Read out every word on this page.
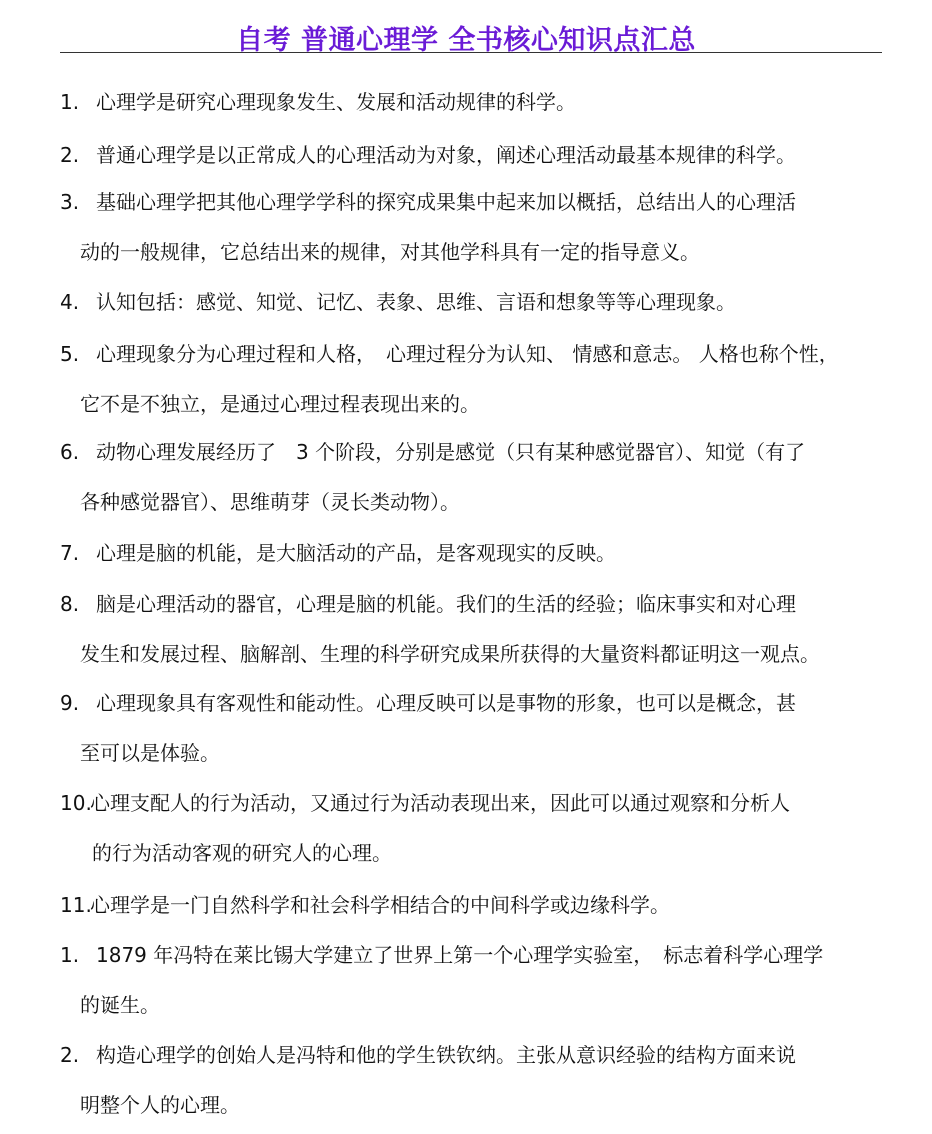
自考 普通心理学 全书核心知识点汇总
1. 心理学是研究心理现象发生、发展和活动规律的科学。
2. 普通心理学是以正常成人的心理活动为对象，阐述心理活动最基本规律的科学。
3. 基础心理学把其他心理学学科的探究成果集中起来加以概括，总结出人的心理活
动的一般规律，它总结出来的规律，对其他学科具有一定的指导意义。
4. 认知包括：感觉、知觉、记忆、表象、思维、言语和想象等等心理现象。
5. 心理现象分为心理过程和人格，　心理过程分为认知、 情感和意志。 人格也称个性，
它不是不独立，是通过心理过程表现出来的。
6. 动物心理发展经历了　3 个阶段，分别是感觉（只有某种感觉器官）、知觉（有了
各种感觉器官）、思维萌芽（灵长类动物）。
7. 心理是脑的机能，是大脑活动的产品，是客观现实的反映。
8. 脑是心理活动的器官，心理是脑的机能。我们的生活的经验；临床事实和对心理
发生和发展过程、脑解剖、生理的科学研究成果所获得的大量资料都证明这一观点。
9. 心理现象具有客观性和能动性。心理反映可以是事物的形象，也可以是概念，甚
至可以是体验。
10.心理支配人的行为活动，又通过行为活动表现出来，因此可以通过观察和分析人
的行为活动客观的研究人的心理。
11.心理学是一门自然科学和社会科学相结合的中间科学或边缘科学。
1. 1879 年冯特在莱比锡大学建立了世界上第一个心理学实验室，　标志着科学心理学
的诞生。
2. 构造心理学的创始人是冯特和他的学生铁钦纳。主张从意识经验的结构方面来说
明整个人的心理。
